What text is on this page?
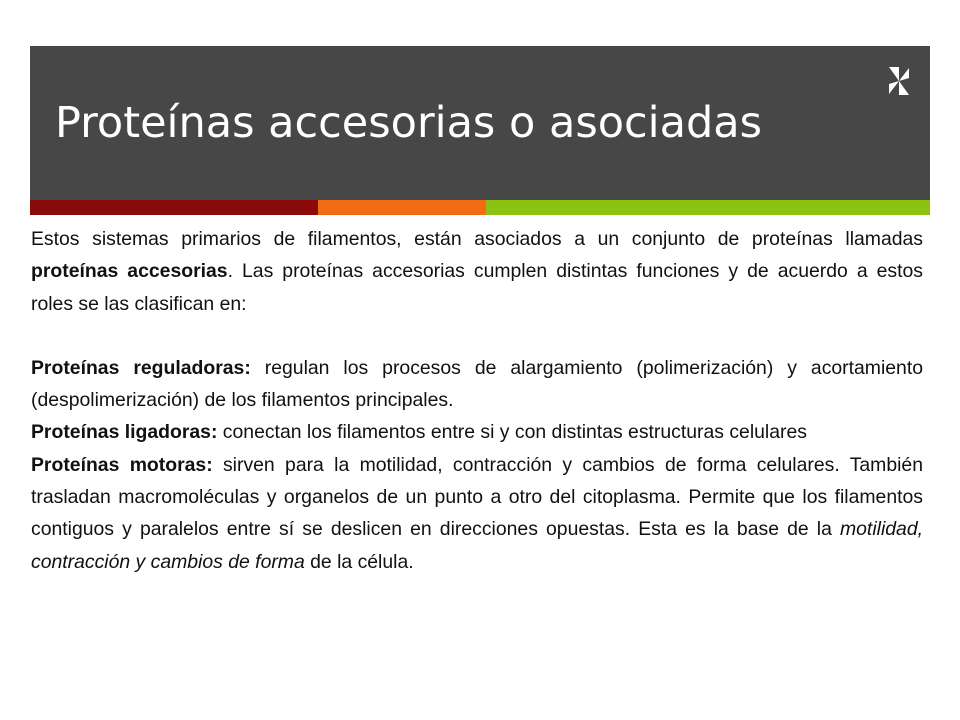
Proteínas accesorias o asociadas

Estos sistemas primarios de filamentos, están asociados a un conjunto de proteínas llamadas proteínas accesorias. Las proteínas accesorias cumplen distintas funciones y de acuerdo a estos roles se las clasifican en:

Proteínas reguladoras: regulan los procesos de alargamiento (polimerización) y acortamiento (despolimerización) de los filamentos principales.

Proteínas ligadoras: conectan los filamentos entre si y con distintas estructuras celulares

Proteínas motoras: sirven para la motilidad, contracción y cambios de forma celulares. También trasladan macromoléculas y organelos de un punto a otro del citoplasma. Permite que los filamentos contiguos y paralelos entre sí se deslicen en direcciones opuestas. Esta es la base de la motilidad, contracción y cambios de forma de la célula.
